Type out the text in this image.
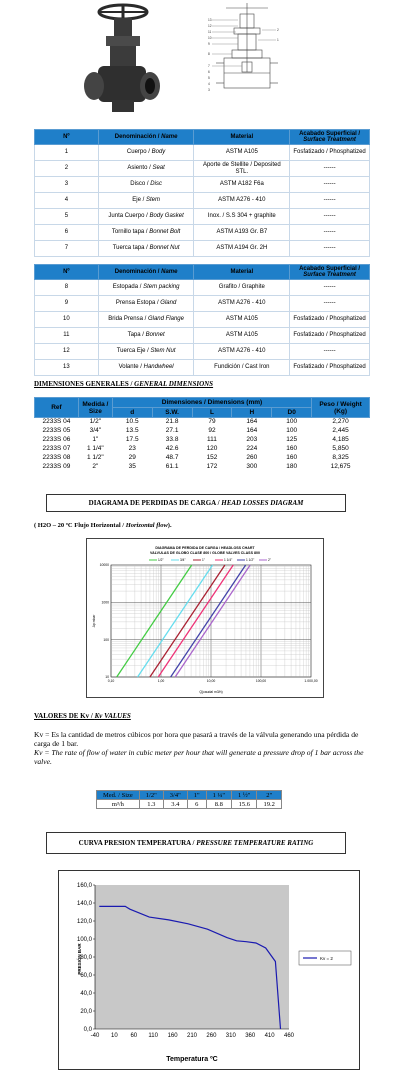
13
12
11
10
9
8
7
6
5
4
3
2
1
Nº	Denominación / Name	Material	Acabado Superficial / Surface Treatment
1	Cuerpo / Body	ASTM A105	Fosfatizado / Phosphatized
2	Asiento / Seat	Aporte de Stellite / Deposited STL.	------
3	Disco / Disc	ASTM A182 F6a	------
4	Eje / Stem	ASTM A276 - 410	------
5	Junta Cuerpo / Body Gasket	Inox. / S.S 304 + graphite	------
6	Tornillo tapa / Bonnet Bolt	ASTM A193 Gr. B7	------
7	Tuerca tapa / Bonnet Nut	ASTM A194 Gr. 2H	------
Nº	Denominación / Name	Material	Acabado Superficial / Surface Treatment
8	Estopada / Stem packing	Grafito / Graphite	------
9	Prensa Estopa / Gland	ASTM A276 - 410	------
10	Brida Prensa / Gland Flange	ASTM A105	Fosfatizado / Phosphatized
11	Tapa / Bonnet	ASTM A105	Fosfatizado / Phosphatized
12	Tuerca Eje / Stem Nut	ASTM A276 - 410	------
13	Volante / Handwheel	Fundición / Cast Iron	Fosfatizado / Phosphatized
DIMENSIONES GENERALES / GENERAL DIMENSIONS
Ref	Medida / Size	Dimensiones / Dimensions (mm)					Peso / Weight (Kg)
		d	S.W.	L	H	D0	
2233S 04	1/2"	10.5	21.8	79	164	100	2,270
2233S 05	3/4"	13.5	27.1	92	164	100	2,445
2233S 06	1"	17.5	33.8	111	203	125	4,185
2233S 07	1 1/4"	23	42.6	120	224	160	5,850
2233S 08	1 1/2"	29	48.7	152	260	160	8,325
2233S 09	2"	35	61.1	172	300	180	12,675
DIAGRAMA DE PERDIDAS DE CARGA / HEAD LOSSES DIAGRAM
( H2O – 20 ºC Flujo Horizontal / Horizontal flow).
DIAGRAMA DE PERDIDA DE CARGA / HEADLOSS CHART
VALVULAS DE GLOBO CLASE 800 / GLOBE VALVES CLASS 800
1/2"	3/4"	1"	1 1/4"	1 1/2"	2"
10000
1000
100
10
0,10	1,00	10,00	100,00	1.000,00
Q(caudal m3/h)
Δp mbar
VALORES DE Kv / Kv VALUES
Kv = Es la cantidad de metros cúbicos por hora que pasará a través de la válvula generando una pérdida de carga de 1 bar.
Kv = The rate of flow of water in cubic meter per hour that will generate a pressure drop of 1 bar across the valve.
Med. / Size	1/2"	3/4"	1"	1 ¼"	1 ½"	2"
m³/h	1.3	3.4	6	8.8	15.6	19.2
CURVA PRESION TEMPERATURA / PRESSURE TEMPERATURE RATING
160,0
140,0
120,0
100,0
80,0
60,0
40,0
20,0
0,0
-40 10 60 110 160 210 260 310 360 410 460
Temperatura ºC
PRESIÓN BAR	Kv = 2
